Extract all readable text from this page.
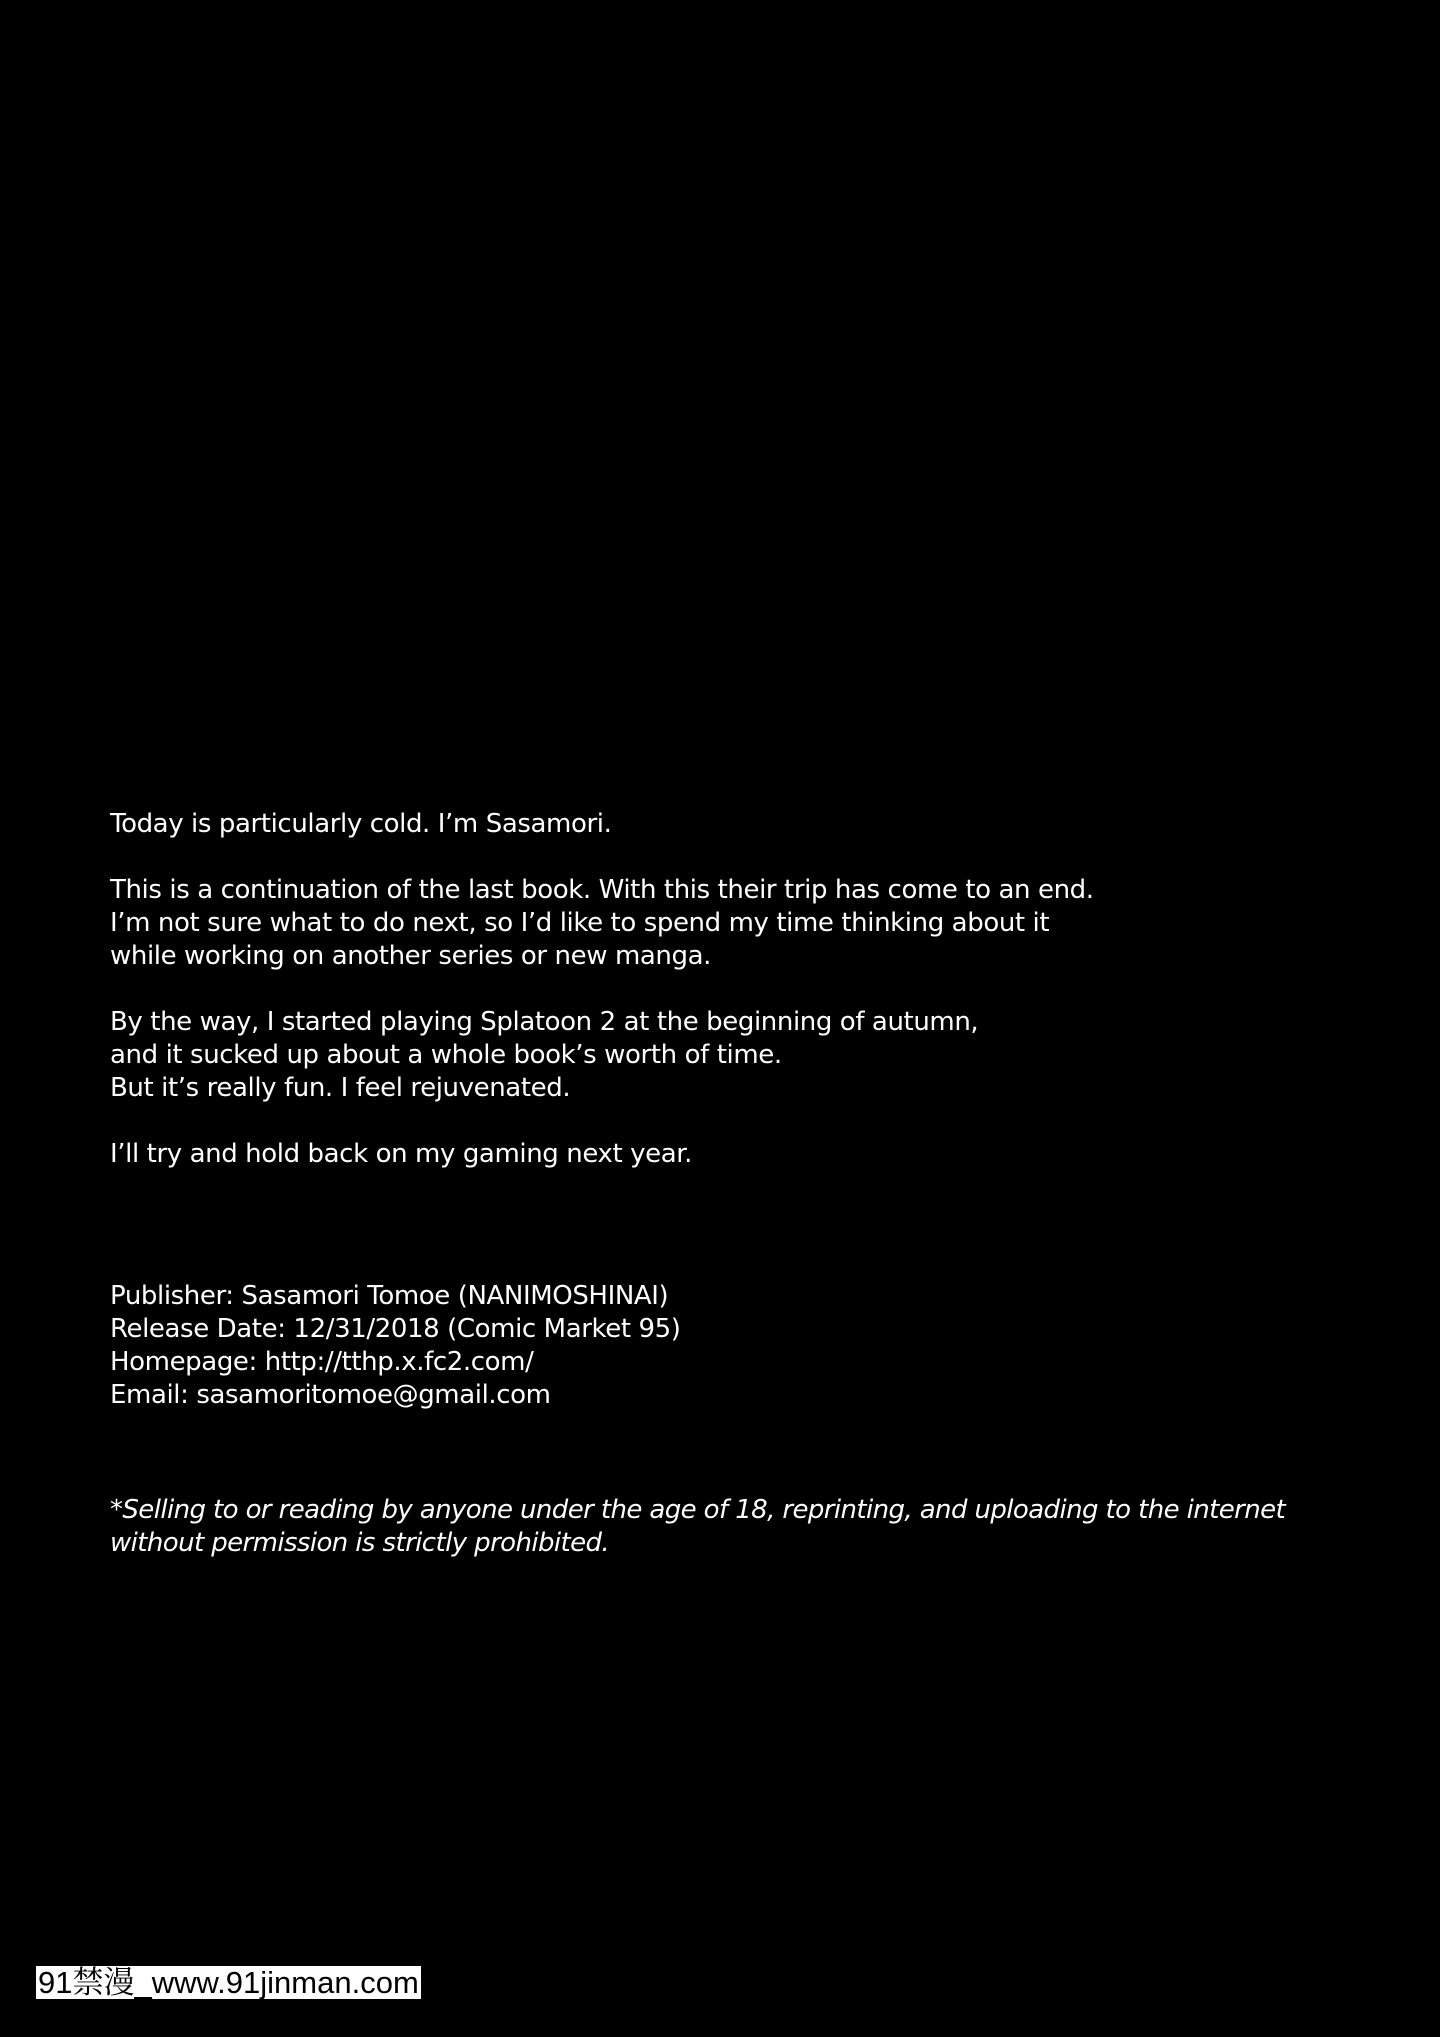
Today is particularly cold. I’m Sasamori.
This is a continuation of the last book. With this their trip has come to an end.
I’m not sure what to do next, so I’d like to spend my time thinking about it
while working on another series or new manga.
By the way, I started playing Splatoon 2 at the beginning of autumn,
and it sucked up about a whole book’s worth of time.
But it’s really fun. I feel rejuvenated.
I’ll try and hold back on my gaming next year.
Publisher: Sasamori Tomoe (NANIMOSHINAI)
Release Date: 12/31/2018 (Comic Market 95)
Homepage: http://tthp.x.fc2.com/
Email: sasamoritomoe@gmail.com
*Selling to or reading by anyone under the age of 18, reprinting, and uploading to the internet
without permission is strictly prohibited.
91禁漫_www.91jinman.com
